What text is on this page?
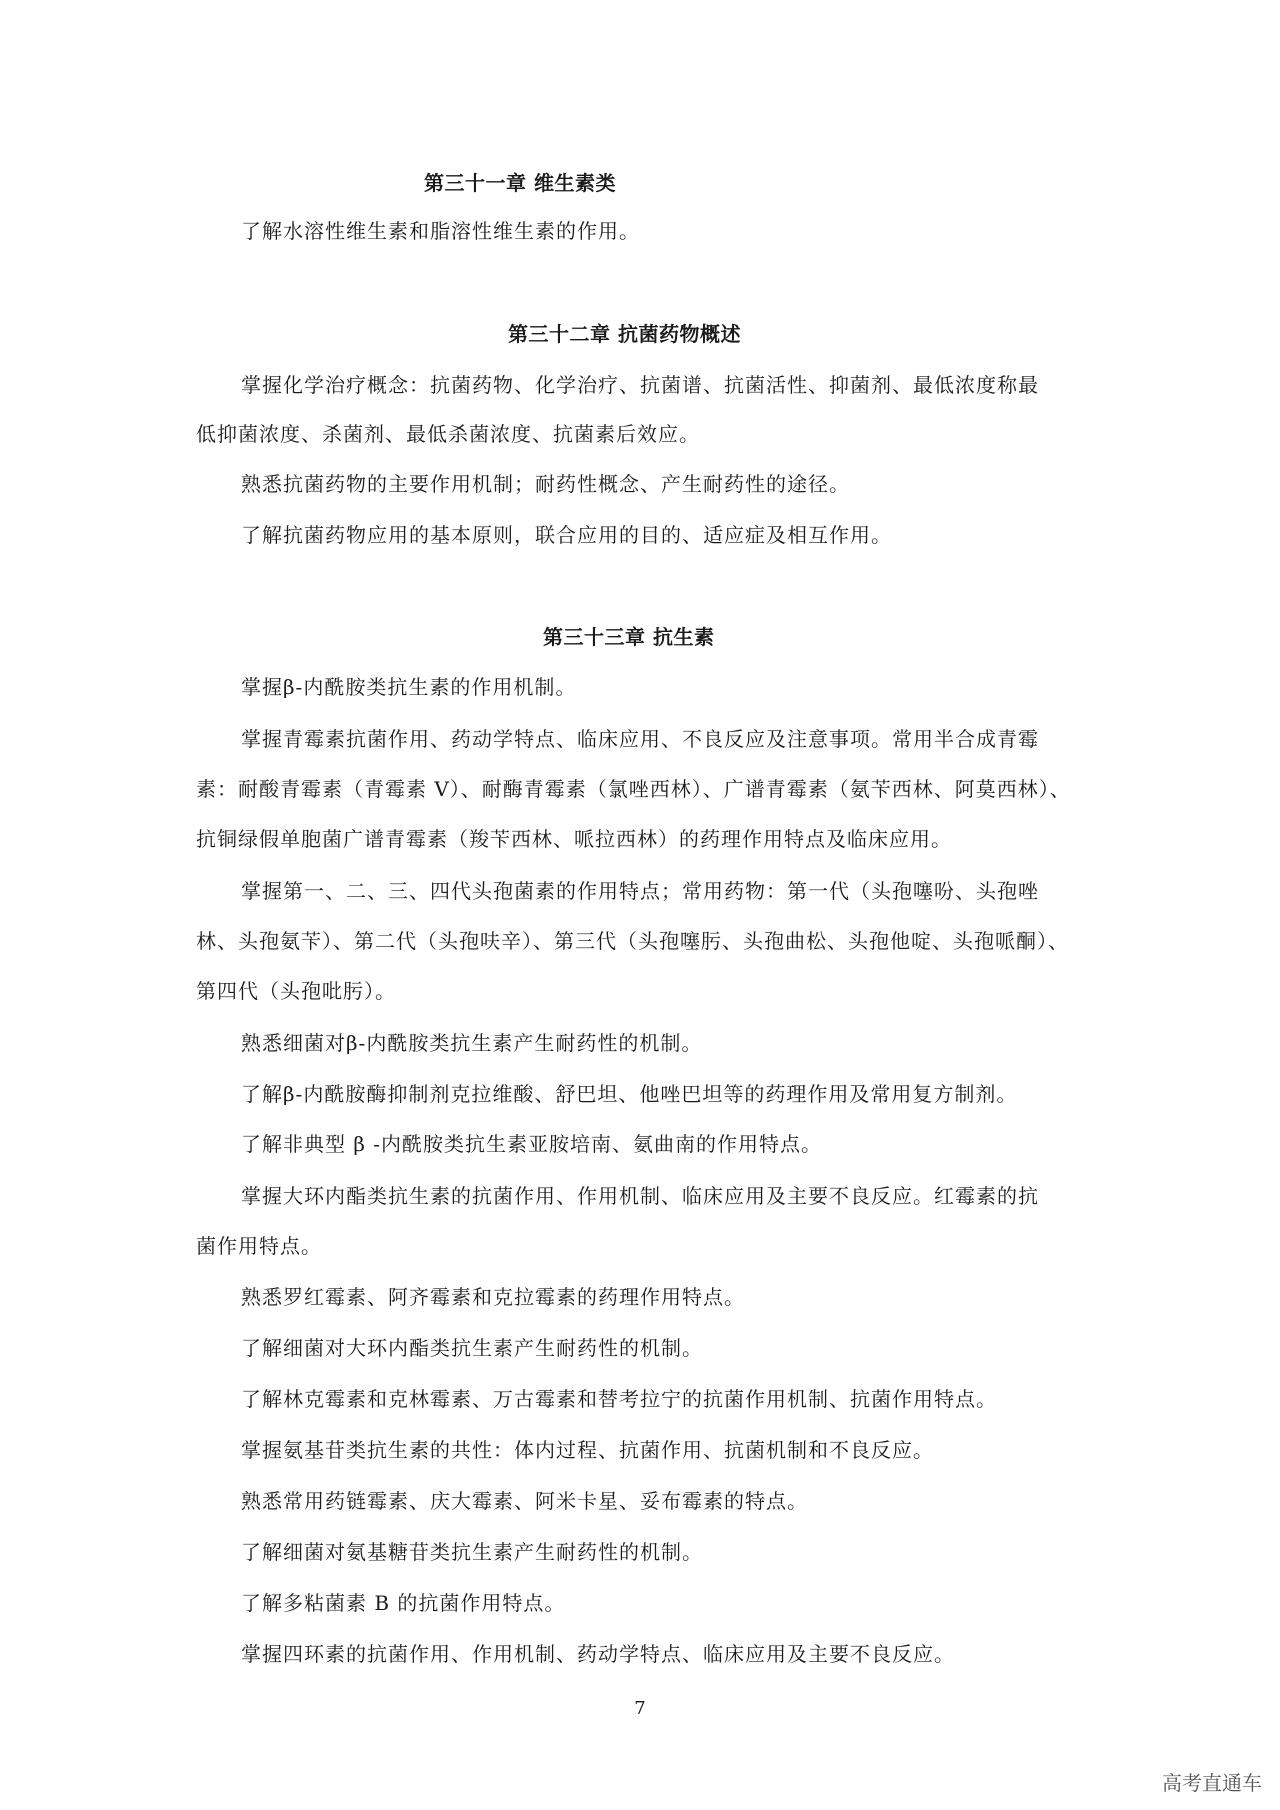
第三十一章 维生素类
了解水溶性维生素和脂溶性维生素的作用。
第三十二章 抗菌药物概述
掌握化学治疗概念：抗菌药物、化学治疗、抗菌谱、抗菌活性、抑菌剂、最低浓度称最
低抑菌浓度、杀菌剂、最低杀菌浓度、抗菌素后效应。
熟悉抗菌药物的主要作用机制；耐药性概念、产生耐药性的途径。
了解抗菌药物应用的基本原则，联合应用的目的、适应症及相互作用。
第三十三章 抗生素
掌握β-内酰胺类抗生素的作用机制。
掌握青霉素抗菌作用、药动学特点、临床应用、不良反应及注意事项。常用半合成青霉
素：耐酸青霉素（青霉素 V）、耐酶青霉素（氯唑西林）、广谱青霉素（氨苄西林、阿莫西林）、
抗铜绿假单胞菌广谱青霉素（羧苄西林、哌拉西林）的药理作用特点及临床应用。
掌握第一、二、三、四代头孢菌素的作用特点；常用药物：第一代（头孢噻吩、头孢唑
林、头孢氨苄）、第二代（头孢呋辛）、第三代（头孢噻肟、头孢曲松、头孢他啶、头孢哌酮）、
第四代（头孢吡肟）。
熟悉细菌对β-内酰胺类抗生素产生耐药性的机制。
了解β-内酰胺酶抑制剂克拉维酸、舒巴坦、他唑巴坦等的药理作用及常用复方制剂。
了解非典型 β -内酰胺类抗生素亚胺培南、氨曲南的作用特点。
掌握大环内酯类抗生素的抗菌作用、作用机制、临床应用及主要不良反应。红霉素的抗
菌作用特点。
熟悉罗红霉素、阿齐霉素和克拉霉素的药理作用特点。
了解细菌对大环内酯类抗生素产生耐药性的机制。
了解林克霉素和克林霉素、万古霉素和替考拉宁的抗菌作用机制、抗菌作用特点。
掌握氨基苷类抗生素的共性：体内过程、抗菌作用、抗菌机制和不良反应。
熟悉常用药链霉素、庆大霉素、阿米卡星、妥布霉素的特点。
了解细菌对氨基糖苷类抗生素产生耐药性的机制。
了解多粘菌素 B 的抗菌作用特点。
掌握四环素的抗菌作用、作用机制、药动学特点、临床应用及主要不良反应。
7
高考直通车
